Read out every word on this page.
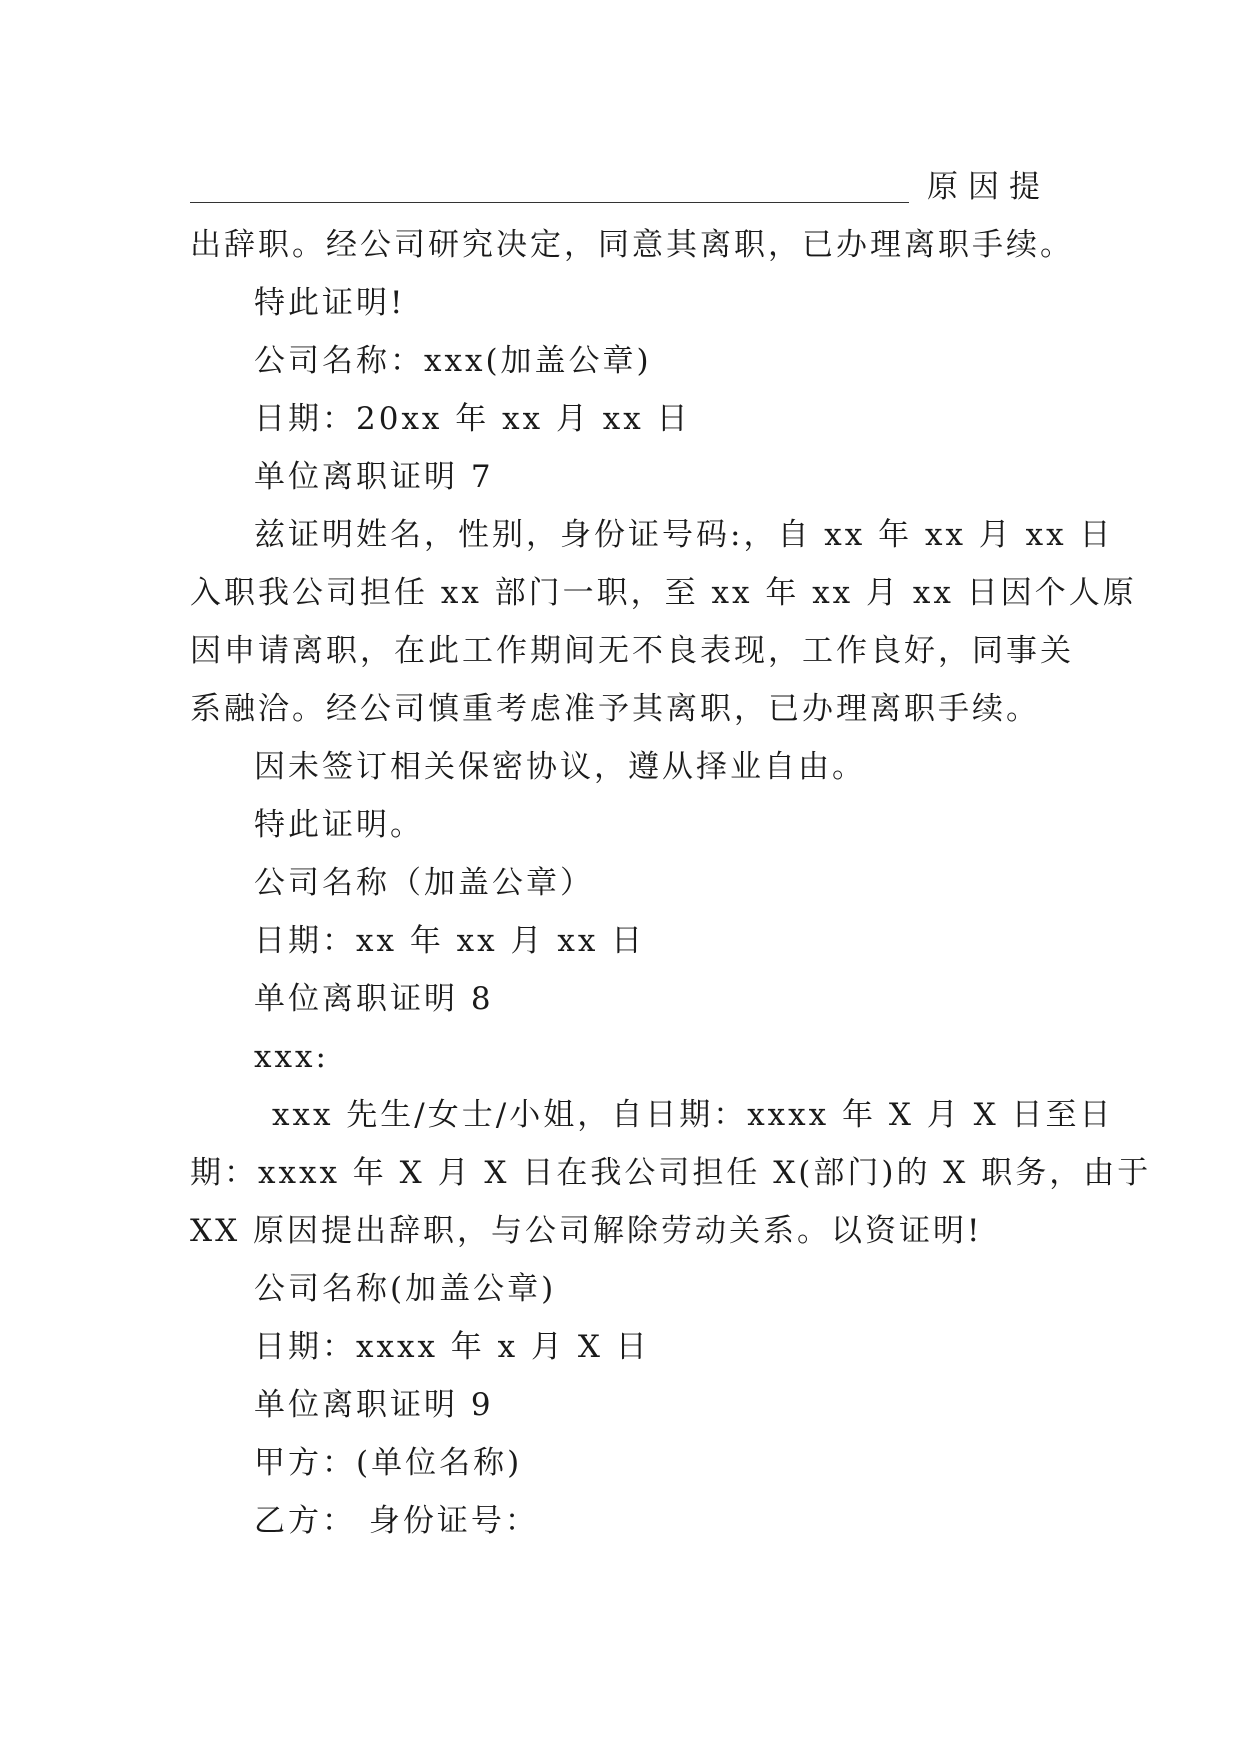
原因提
出辞职。经公司研究决定，同意其离职，已办理离职手续。
特此证明!
公司名称：xxx(加盖公章)
日期：20xx 年 xx 月 xx 日
单位离职证明 7
兹证明姓名，性别，身份证号码:，自 xx 年 xx 月 xx 日
入职我公司担任 xx 部门一职，至 xx 年 xx 月 xx 日因个人原
因申请离职，在此工作期间无不良表现，工作良好，同事关
系融洽。经公司慎重考虑准予其离职，已办理离职手续。
因未签订相关保密协议，遵从择业自由。
特此证明。
公司名称（加盖公章）
日期：xx 年 xx 月 xx 日
单位离职证明 8
xxx:
xxx 先生/女士/小姐，自日期：xxxx 年 X 月 X 日至日
期：xxxx 年 X 月 X 日在我公司担任 X(部门)的 X 职务，由于
XX 原因提出辞职，与公司解除劳动关系。以资证明!
公司名称(加盖公章)
日期：xxxx 年 x 月 X 日
单位离职证明 9
甲方：(单位名称)
乙方： 身份证号：
